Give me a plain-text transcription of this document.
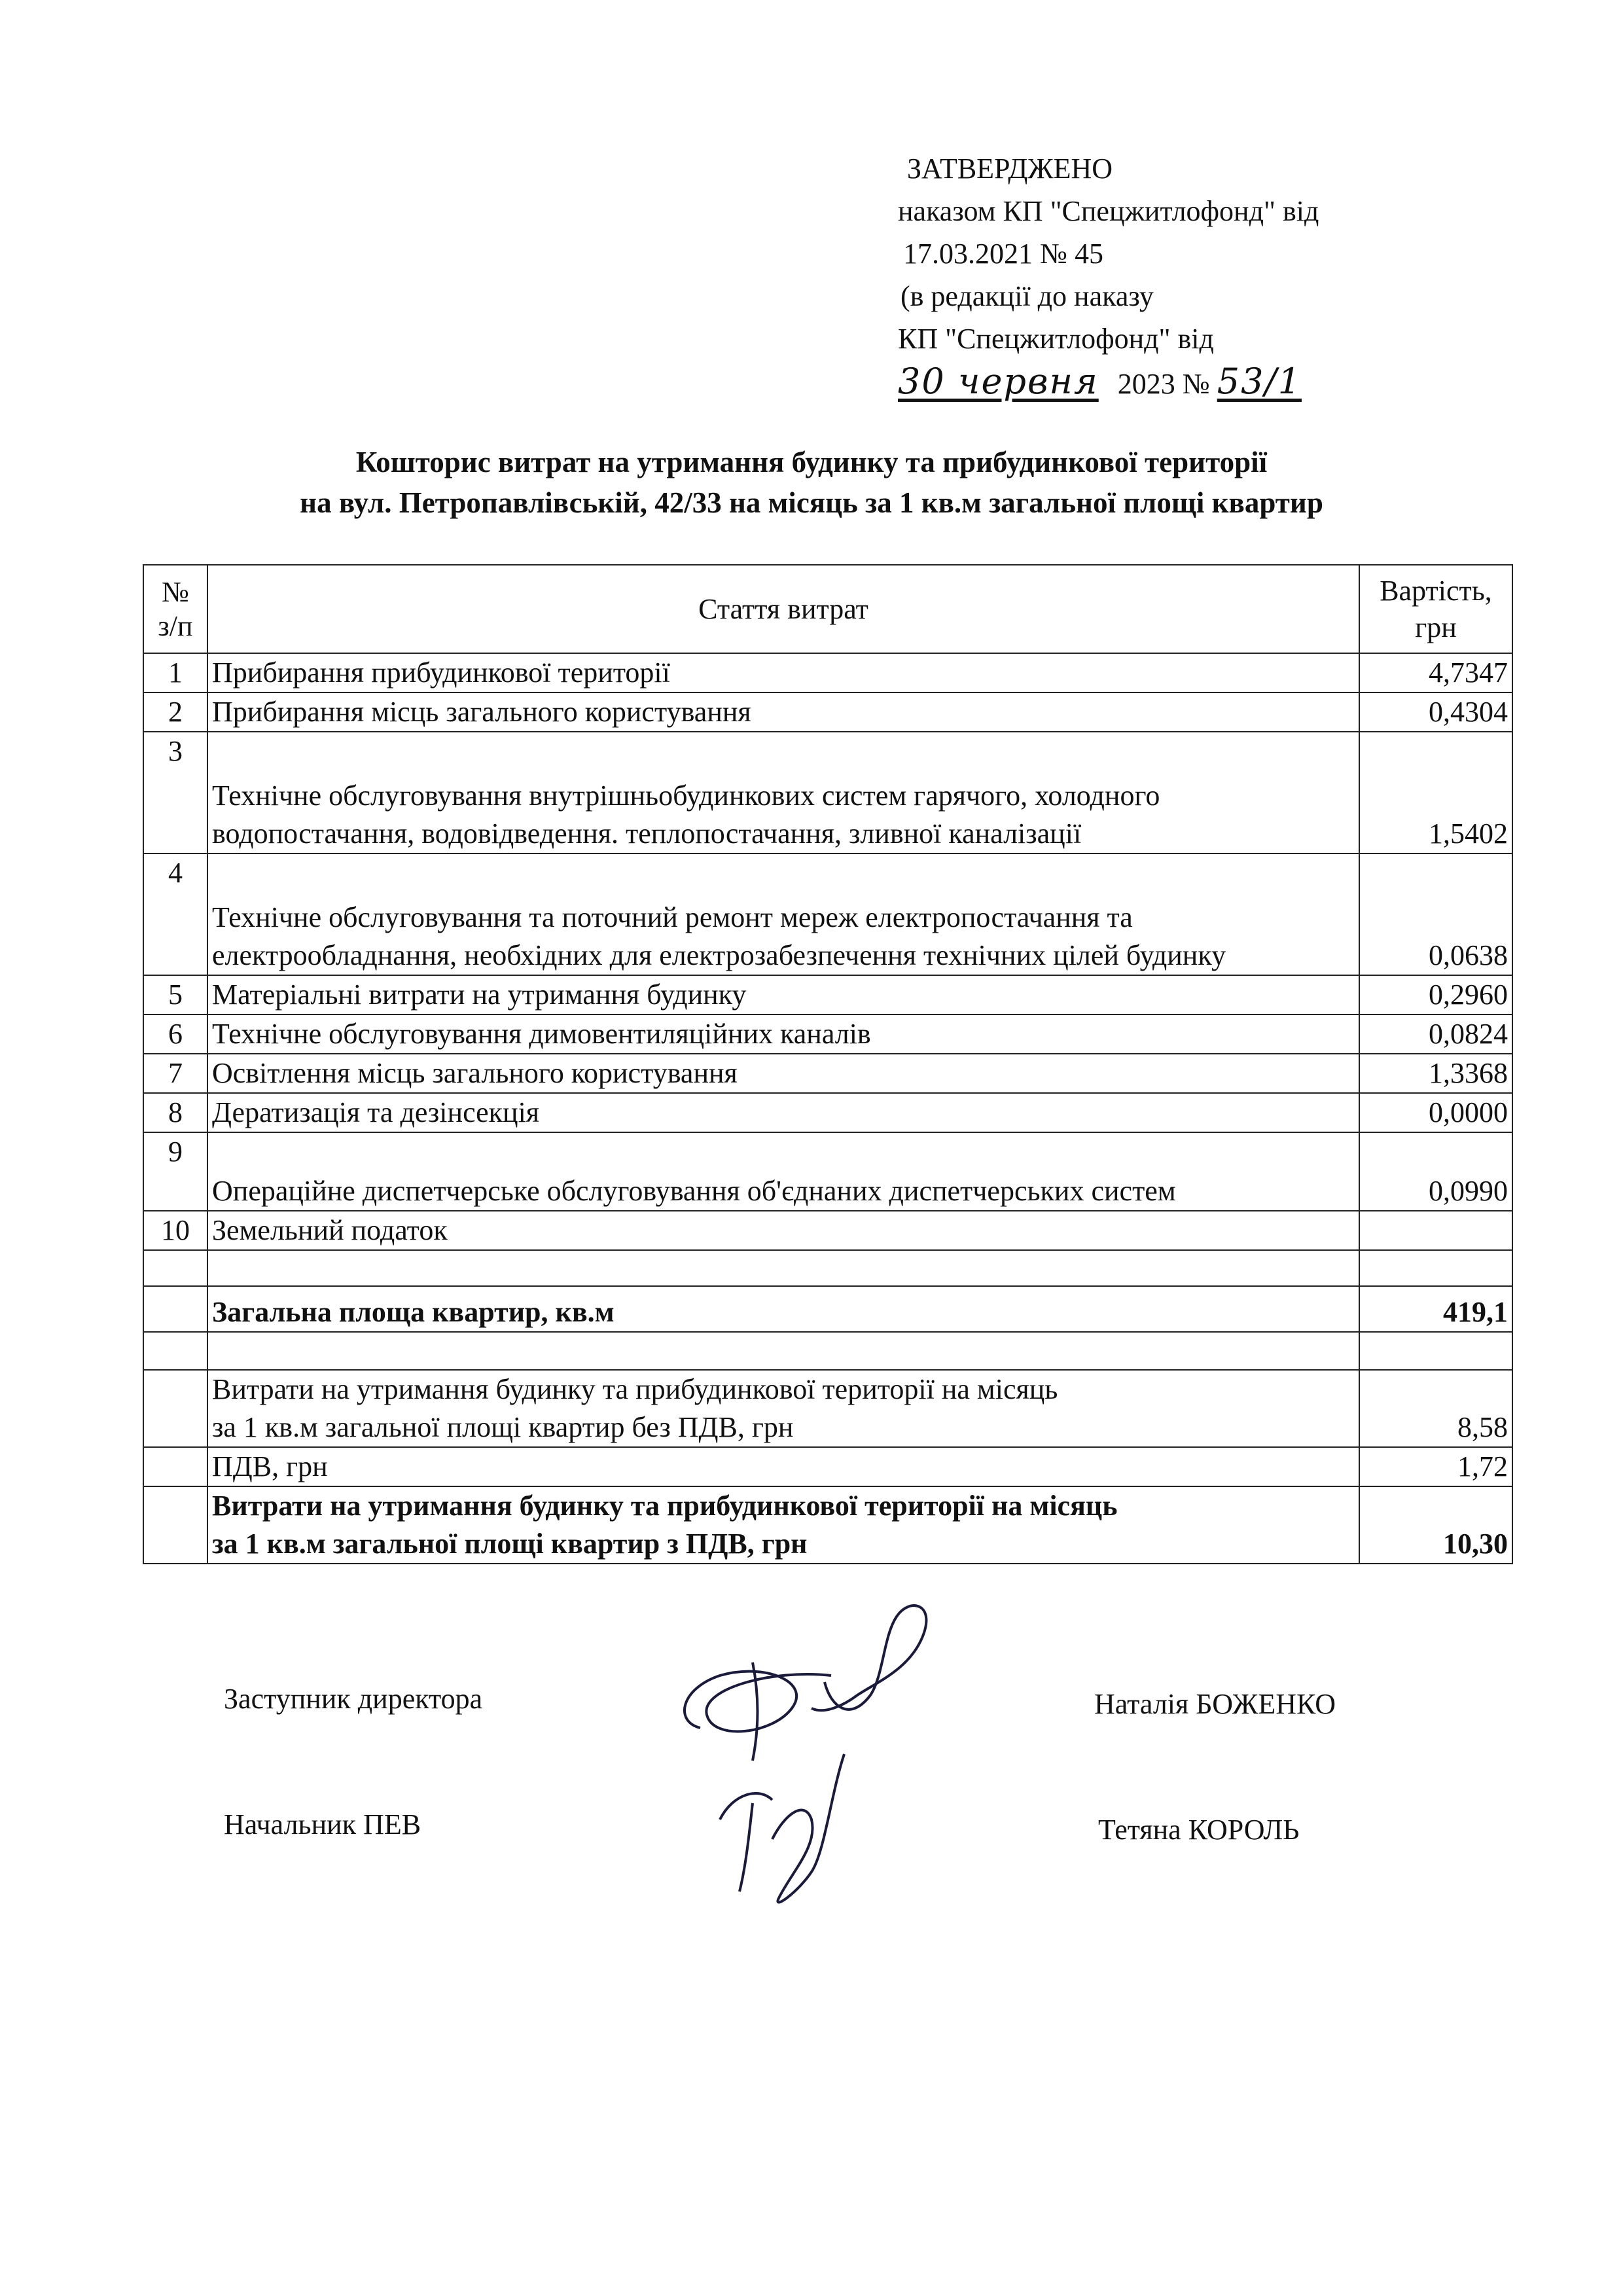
ЗАТВЕРДЖЕНО
наказом КП "Спецжитлофонд" від
17.03.2021 № 45
(в редакції до наказу
КП "Спецжитлофонд" від
30 червня 2023 № 53/1
Кошторис витрат на утримання будинку та прибудинкової території
на вул. Петропавлівській, 42/33 на місяць за 1 кв.м загальної площі квартир
№
з/п	Стаття витрат	Вартість,
грн
1	Прибирання прибудинкової території	4,7347
2	Прибирання місць загального користування	0,4304
3	Технічне обслуговування внутрішньобудинкових систем гарячого, холодного водопостачання, водовідведення. теплопостачання, зливної каналізації	1,5402
4	Технічне обслуговування та поточний ремонт мереж електропостачання та електрообладнання, необхідних для електрозабезпечення технічних цілей будинку	0,0638
5	Матеріальні витрати на утримання будинку	0,2960
6	Технічне обслуговування димовентиляційних каналів	0,0824
7	Освітлення місць загального користування	1,3368
8	Дератизація та дезінсекція	0,0000
9	Операційне диспетчерське обслуговування об'єднаних диспетчерських систем	0,0990
10	Земельний податок	

	Загальна площа квартир, кв.м	419,1

	Витрати на утримання будинку та прибудинкової території на місяць
за 1 кв.м загальної площі квартир без ПДВ, грн	8,58
	ПДВ, грн	1,72

	Витрати на утримання будинку та прибудинкової території на місяць
за 1 кв.м загальної площі квартир з ПДВ, грн	10,30
Заступник директора	Наталія БОЖЕНКО
Начальник ПЕВ	Тетяна КОРОЛЬ
